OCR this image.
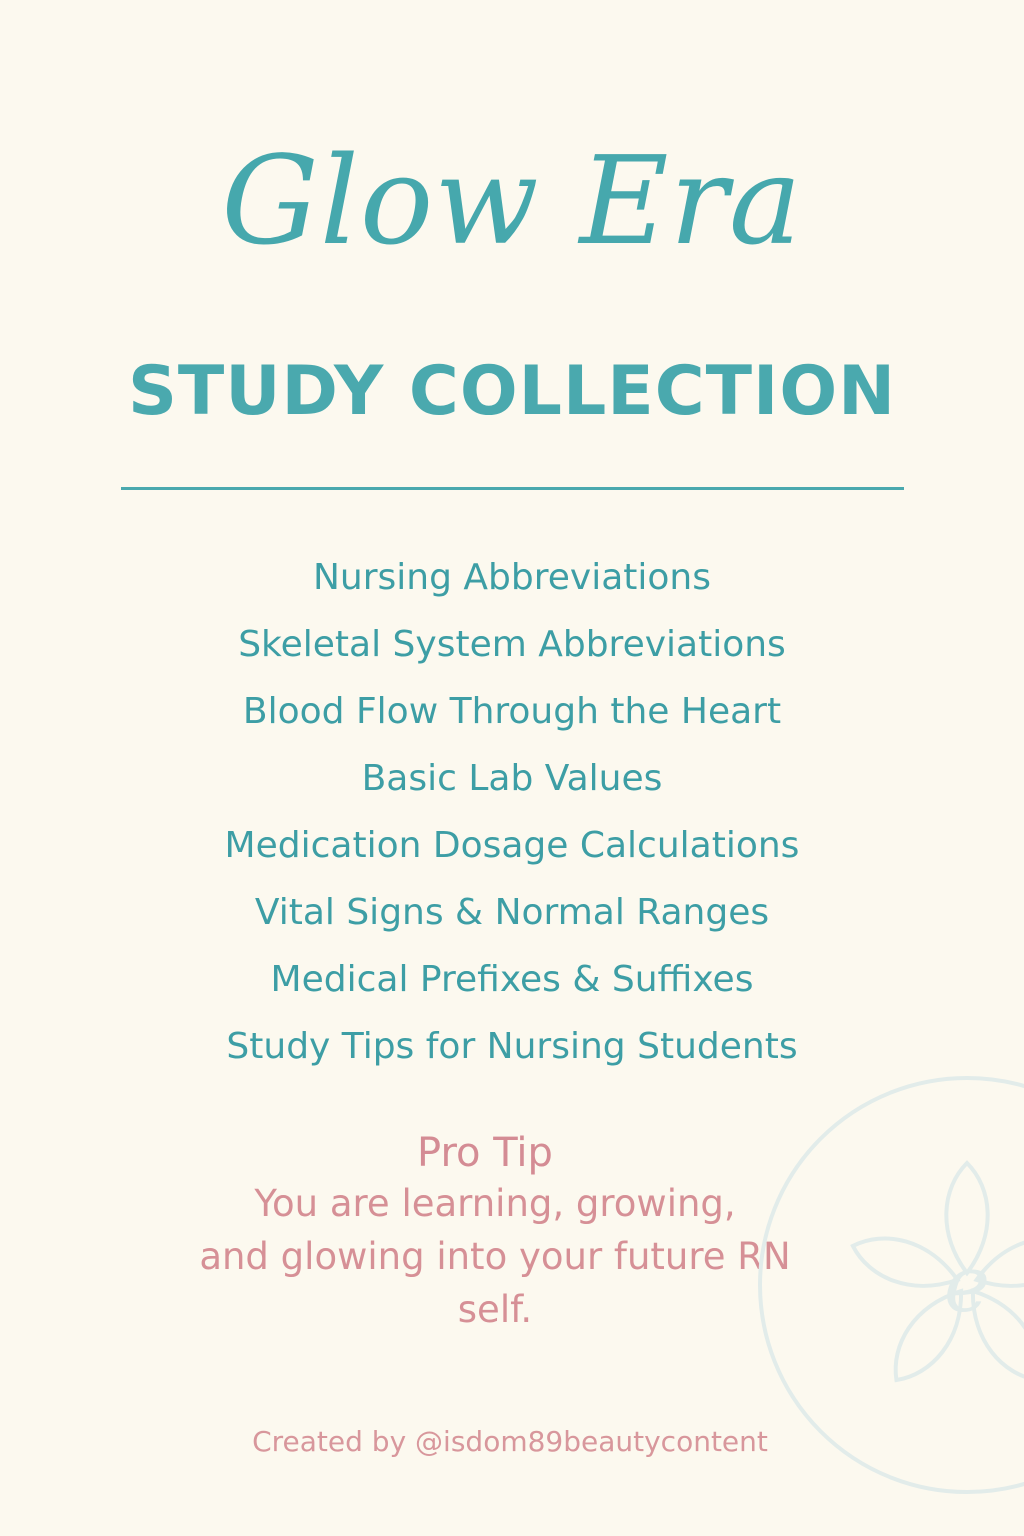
Glow Era
STUDY COLLECTION
Nursing Abbreviations
Skeletal System Abbreviations
Blood Flow Through the Heart
Basic Lab Values
Medication Dosage Calculations
Vital Signs & Normal Ranges
Medical Prefixes & Suffixes
Study Tips for Nursing Students
Pro Tip
You are learning, growing,
and glowing into your future RN
self.
Created by @isdom89beautycontent
e
